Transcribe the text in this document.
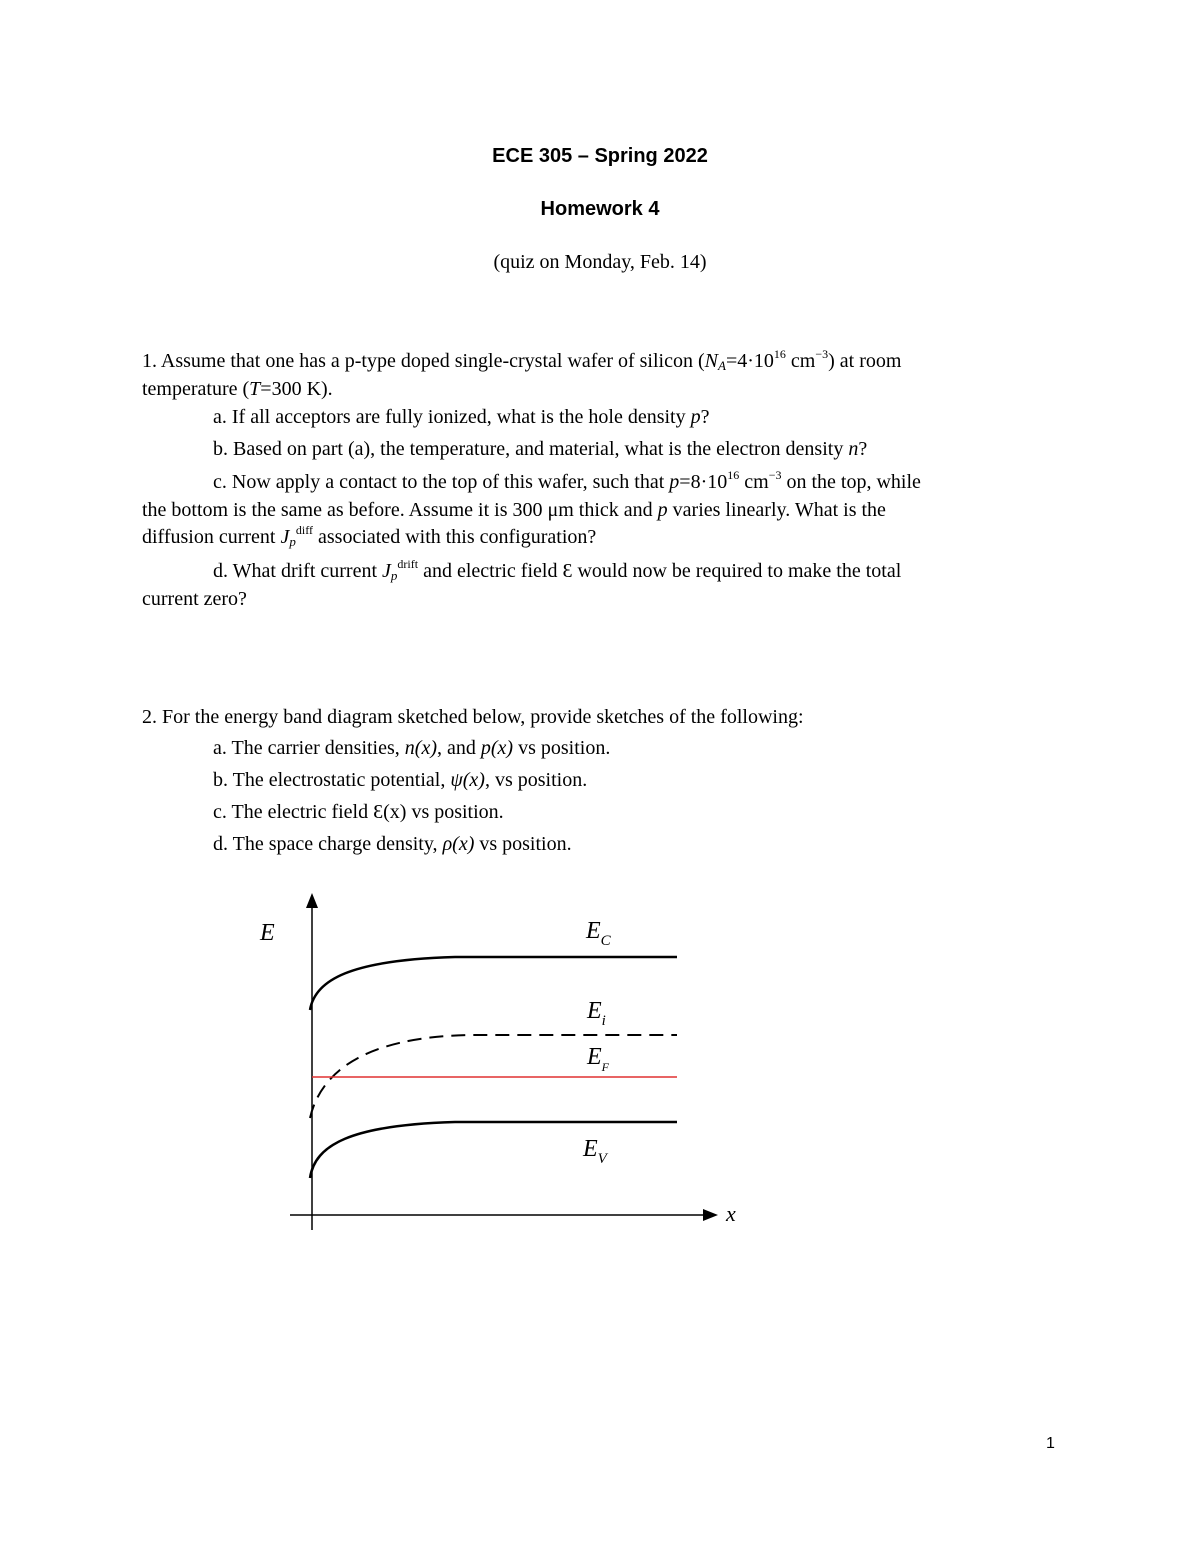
ECE 305 – Spring 2022
Homework 4
(quiz on Monday, Feb. 14)
1. Assume that one has a p-type doped single-crystal wafer of silicon ($N_A=4\cdot 10^{16}$ $cm^{-3}$) at room
temperature (T=300 K).
a. If all acceptors are fully ionized, what is the hole density p?
b. Based on part (a), the temperature, and material, what is the electron density n?
c. Now apply a contact to the top of this wafer, such that $p=8\cdot 10^{16}$ $cm^{-3}$ on the top, while
the bottom is the same as before. Assume it is 300 μm thick and p varies linearly. What is the
diffusion current $J_p^{diff}$ associated with this configuration?
d. What drift current $J_p^{drift}$ and electric field Ɛ would now be required to make the total
current zero?
2. For the energy band diagram sketched below, provide sketches of the following:
a. The carrier densities, n(x), and p(x) vs position.
b. The electrostatic potential, ψ(x), vs position.
c. The electric field Ɛ(x) vs position.
d. The space charge density, ρ(x) vs position.
E
x
$E_C$
$E_i$
$E_F$
$E_V$
1
